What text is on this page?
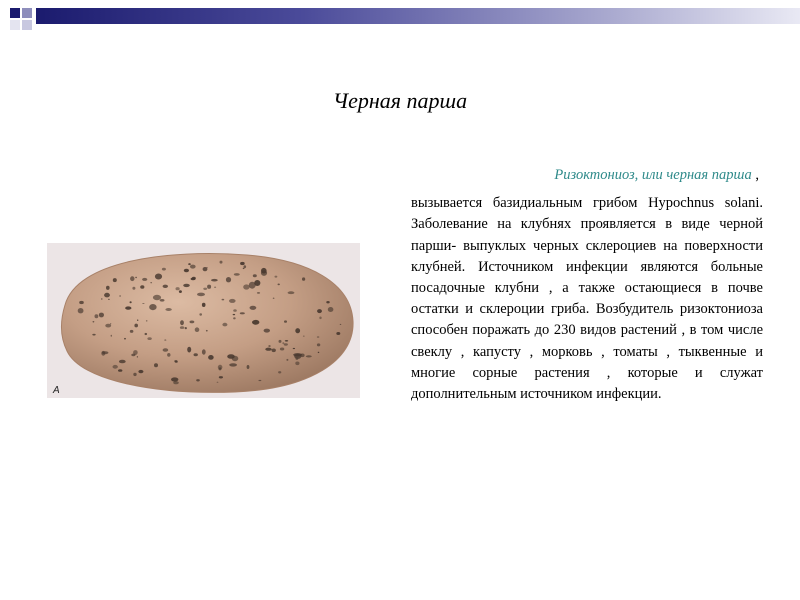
Черная парша
А
Ризоктониоз, или черная парша ,
вызывается базидиальным грибом Hypochnus solani. Заболевание на клубнях проявляется в виде черной парши- выпуклых черных склероциев на поверхности клубней. Источником инфекции являются больные посадочные клубни , а также остающиеся в почве остатки и склероции гриба. Возбудитель ризоктониоза способен поражать до 230 видов растений , в том числе свеклу , капусту , морковь , томаты , тыквенные и многие сорные растения , которые и служат дополнительным источником инфекции.
